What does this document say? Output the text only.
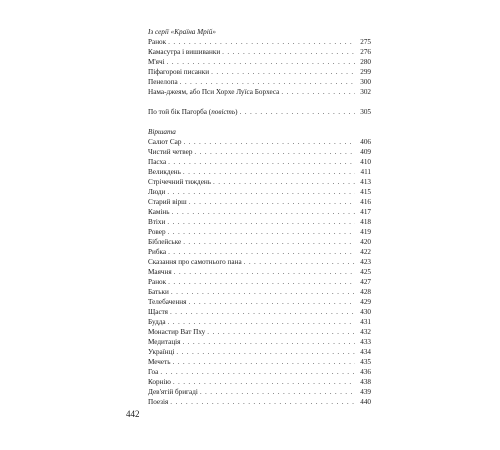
Із серії «Країна Мрій»
Ранок . . .	275
Камасутра і вишиванки . . .	276
М'ячі . . .	280
Піфагорові писанки . . .	299
Пенелопа . . .	300
Нама-джеям, або Пси Хорхе Луїса Борхеса . . .	302
По той бік Пагорба (повість) . . .	305
Віршата
Салют Сар . . .	406
Чистий четвер . . .	409
Пасха . . .	410
Великдень . . .	411
Стрічечний тиждень . . .	413
Люди . . .	415
Старий вірш . . .	416
Камінь . . .	417
Втіхи . . .	418
Ровер . . .	419
Біблейське . . .	420
Рибка . . .	422
Сказання про самотнього пана . . .	423
Маячня . . .	425
Ранок . . .	427
Батьки . . .	428
Телебачення . . .	429
Щастя . . .	430
Будда . . .	431
Монастир Ват Пху . . .	432
Медитація . . .	433
Українці . . .	434
Мечеть . . .	435
Гоа . . .	436
Корнію . . .	438
Дев'ятій бригаді . . .	439
Поезія . . .	440
442
